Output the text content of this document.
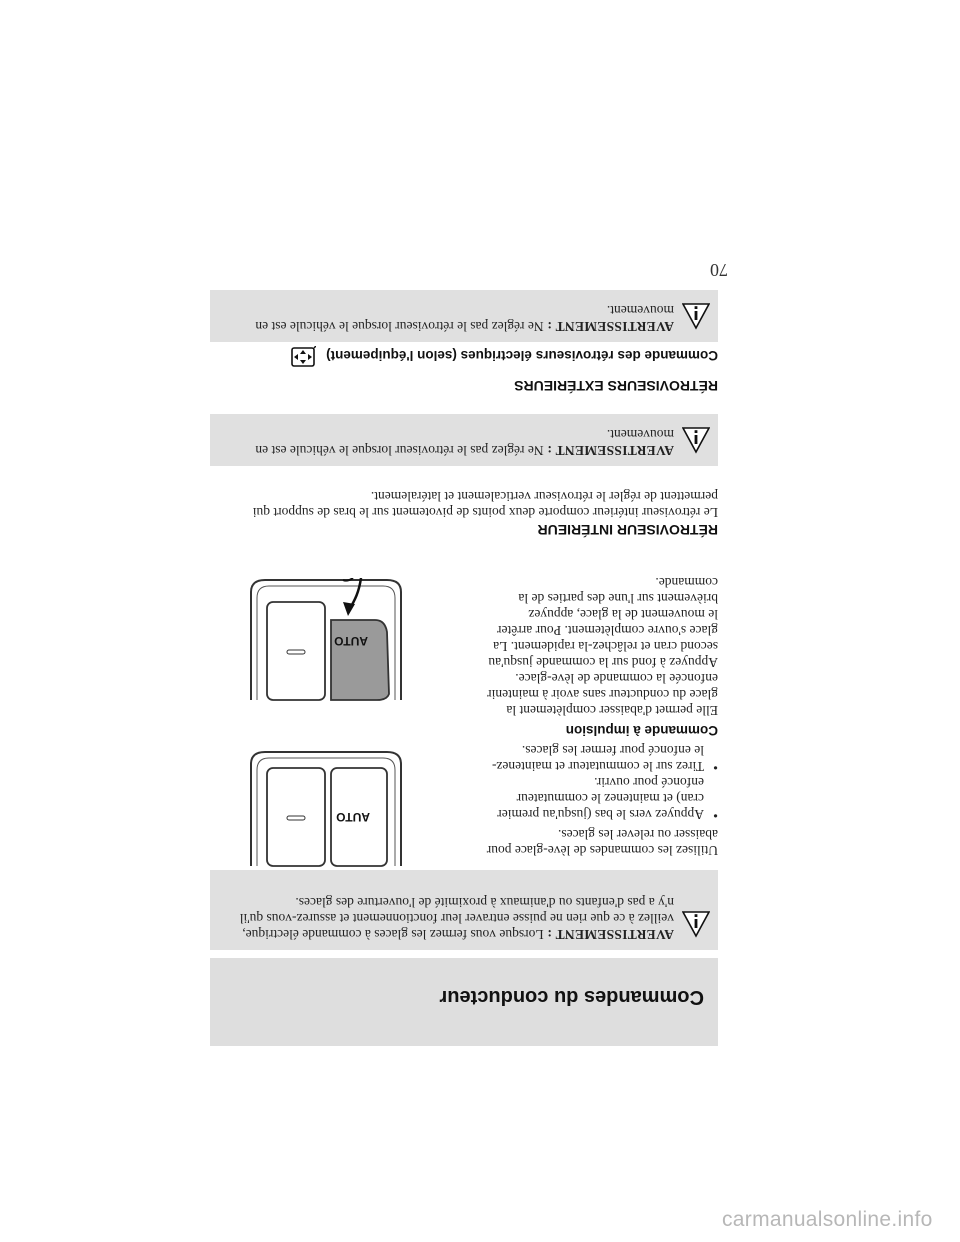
70
Commandes du conducteur
AVERTISSEMENT : Lorsque vous fermez les glaces à commande électrique, veillez à ce que rien ne puisse entraver leur fonctionnement et assurez-vous qu'il n'y a pas d'enfants ou d'animaux à proximité de l'ouverture des glaces.
Utilisez les commandes de lève-glace pour abaisser ou relever les glaces.
• Appuyez vers le bas (jusqu'au premier cran) et maintenez le commutateur enfoncé pour ouvrir.
• Tirez sur le commutateur et maintenez-le enfoncé pour fermer les glaces.
AUTO
Commande à impulsion
Elle permet d'abaisser complètement la glace du conducteur sans avoir à maintenir enfoncée la commande de lève-glace. Appuyez à fond sur la commande jusqu'au second cran et relâchez-la rapidement. La glace s'ouvre complètement. Pour arrêter le mouvement de la glace, appuyez brièvement sur l'une des parties de la commande.
AUTO
RÉTROVISEUR INTÉRIEUR
Le rétroviseur intérieur comporte deux points de pivotement sur le bras de support qui permettent de régler le rétroviseur verticalement et latéralement.
AVERTISSEMENT : Ne réglez pas le rétroviseur lorsque le véhicule est en mouvement.
RÉTROVISEURS EXTÉRIEURS
Commande des rétroviseurs électriques (selon l'équipement)
AVERTISSEMENT : Ne réglez pas le rétroviseur lorsque le véhicule est en mouvement.
carmanualsonline.info
